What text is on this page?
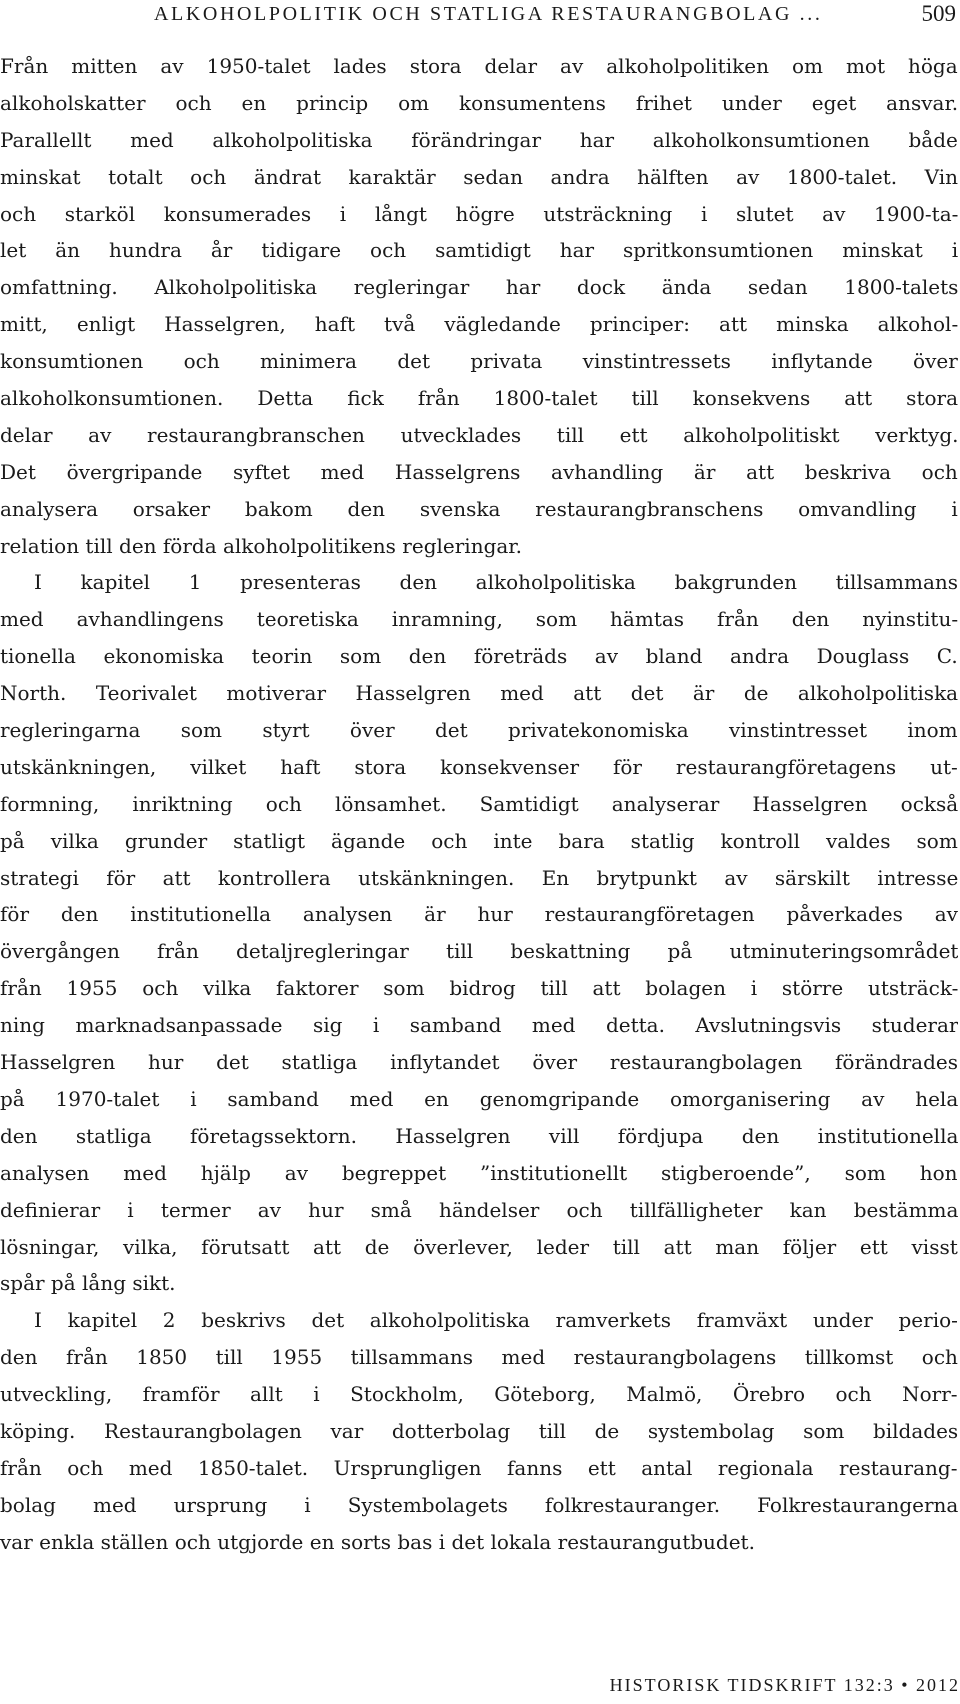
ALKOHOLPOLITIK OCH STATLIGA RESTAURANGBOLAG ...	509
Från mitten av 1950-talet lades stora delar av alkoholpolitiken om mot höga
alkoholskatter och en princip om konsumentens frihet under eget ansvar.
Parallellt med alkoholpolitiska förändringar har alkoholkonsumtionen både
minskat totalt och ändrat karaktär sedan andra hälften av 1800-talet. Vin
och starköl konsumerades i långt högre utsträckning i slutet av 1900-ta-
let än hundra år tidigare och samtidigt har spritkonsumtionen minskat i
omfattning. Alkoholpolitiska regleringar har dock ända sedan 1800-talets
mitt, enligt Hasselgren, haft två vägledande principer: att minska alkohol-
konsumtionen och minimera det privata vinstintressets inflytande över
alkoholkonsumtionen. Detta fick från 1800-talet till konsekvens att stora
delar av restaurangbranschen utvecklades till ett alkoholpolitiskt verktyg.
Det övergripande syftet med Hasselgrens avhandling är att beskriva och
analysera orsaker bakom den svenska restaurangbranschens omvandling i
relation till den förda alkoholpolitikens regleringar.
I kapitel 1 presenteras den alkoholpolitiska bakgrunden tillsammans
med avhandlingens teoretiska inramning, som hämtas från den nyinstitu-
tionella ekonomiska teorin som den företräds av bland andra Douglass C.
North. Teorivalet motiverar Hasselgren med att det är de alkoholpolitiska
regleringarna som styrt över det privatekonomiska vinstintresset inom
utskänkningen, vilket haft stora konsekvenser för restaurangföretagens ut-
formning, inriktning och lönsamhet. Samtidigt analyserar Hasselgren också
på vilka grunder statligt ägande och inte bara statlig kontroll valdes som
strategi för att kontrollera utskänkningen. En brytpunkt av särskilt intresse
för den institutionella analysen är hur restaurangföretagen påverkades av
övergången från detaljregleringar till beskattning på utminuteringsområdet
från 1955 och vilka faktorer som bidrog till att bolagen i större utsträck-
ning marknadsanpassade sig i samband med detta. Avslutningsvis studerar
Hasselgren hur det statliga inflytandet över restaurangbolagen förändrades
på 1970-talet i samband med en genomgripande omorganisering av hela
den statliga företagssektorn. Hasselgren vill fördjupa den institutionella
analysen med hjälp av begreppet ”institutionellt stigberoende”, som hon
definierar i termer av hur små händelser och tillfälligheter kan bestämma
lösningar, vilka, förutsatt att de överlever, leder till att man följer ett visst
spår på lång sikt.
I kapitel 2 beskrivs det alkoholpolitiska ramverkets framväxt under perio-
den från 1850 till 1955 tillsammans med restaurangbolagens tillkomst och
utveckling, framför allt i Stockholm, Göteborg, Malmö, Örebro och Norr-
köping. Restaurangbolagen var dotterbolag till de systembolag som bildades
från och med 1850-talet. Ursprungligen fanns ett antal regionala restaurang-
bolag med ursprung i Systembolagets folkrestauranger. Folkrestaurangerna
var enkla ställen och utgjorde en sorts bas i det lokala restaurangutbudet.
HISTORISK TIDSKRIFT 132:3 • 2012
